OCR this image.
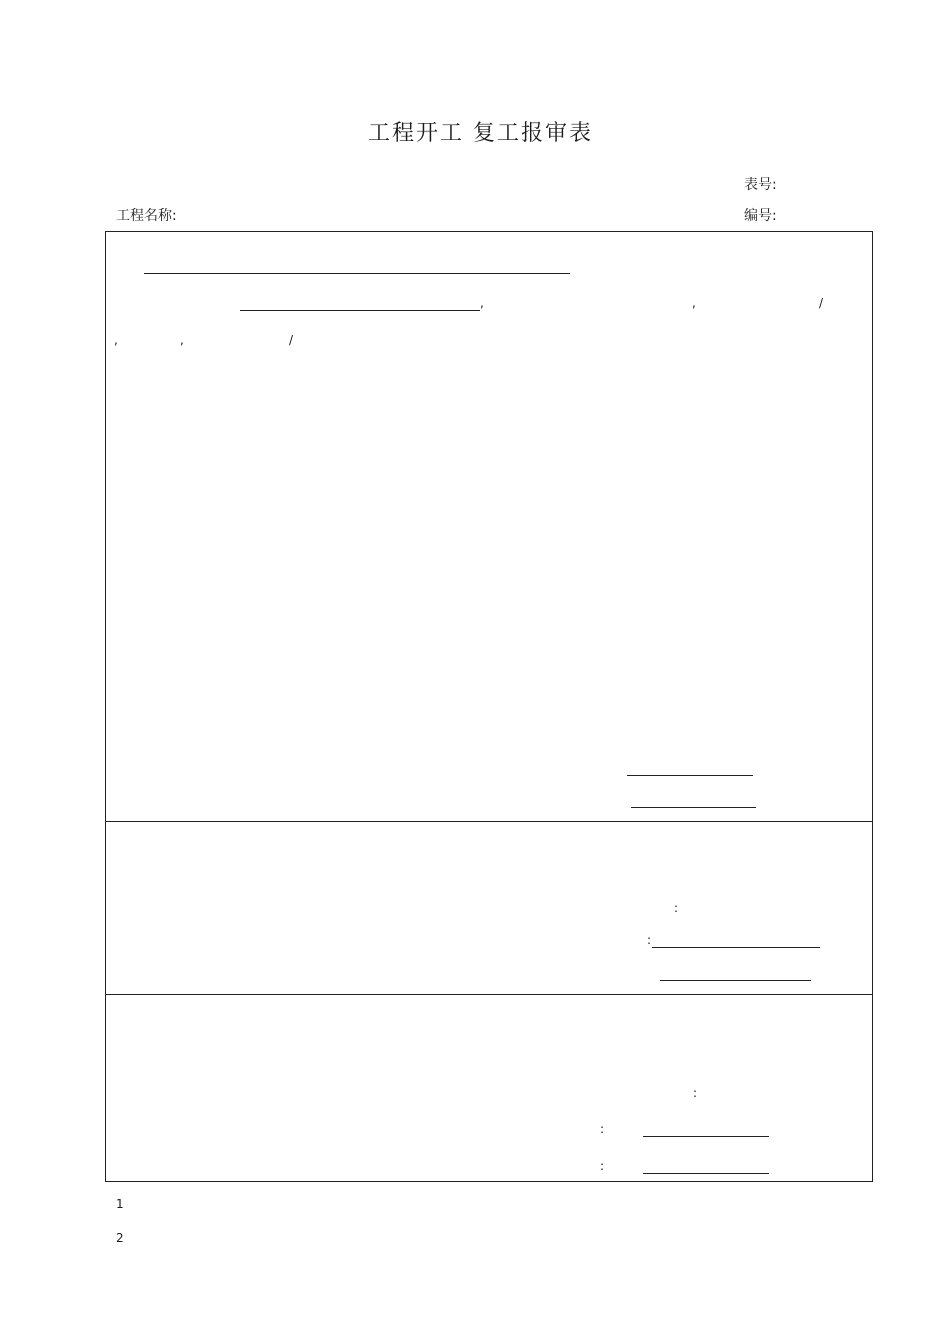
工程开工 复工报审表
表号:
工程名称:	编号:
,	,	/
,	,	/
:
:
:
:
:
1
2
